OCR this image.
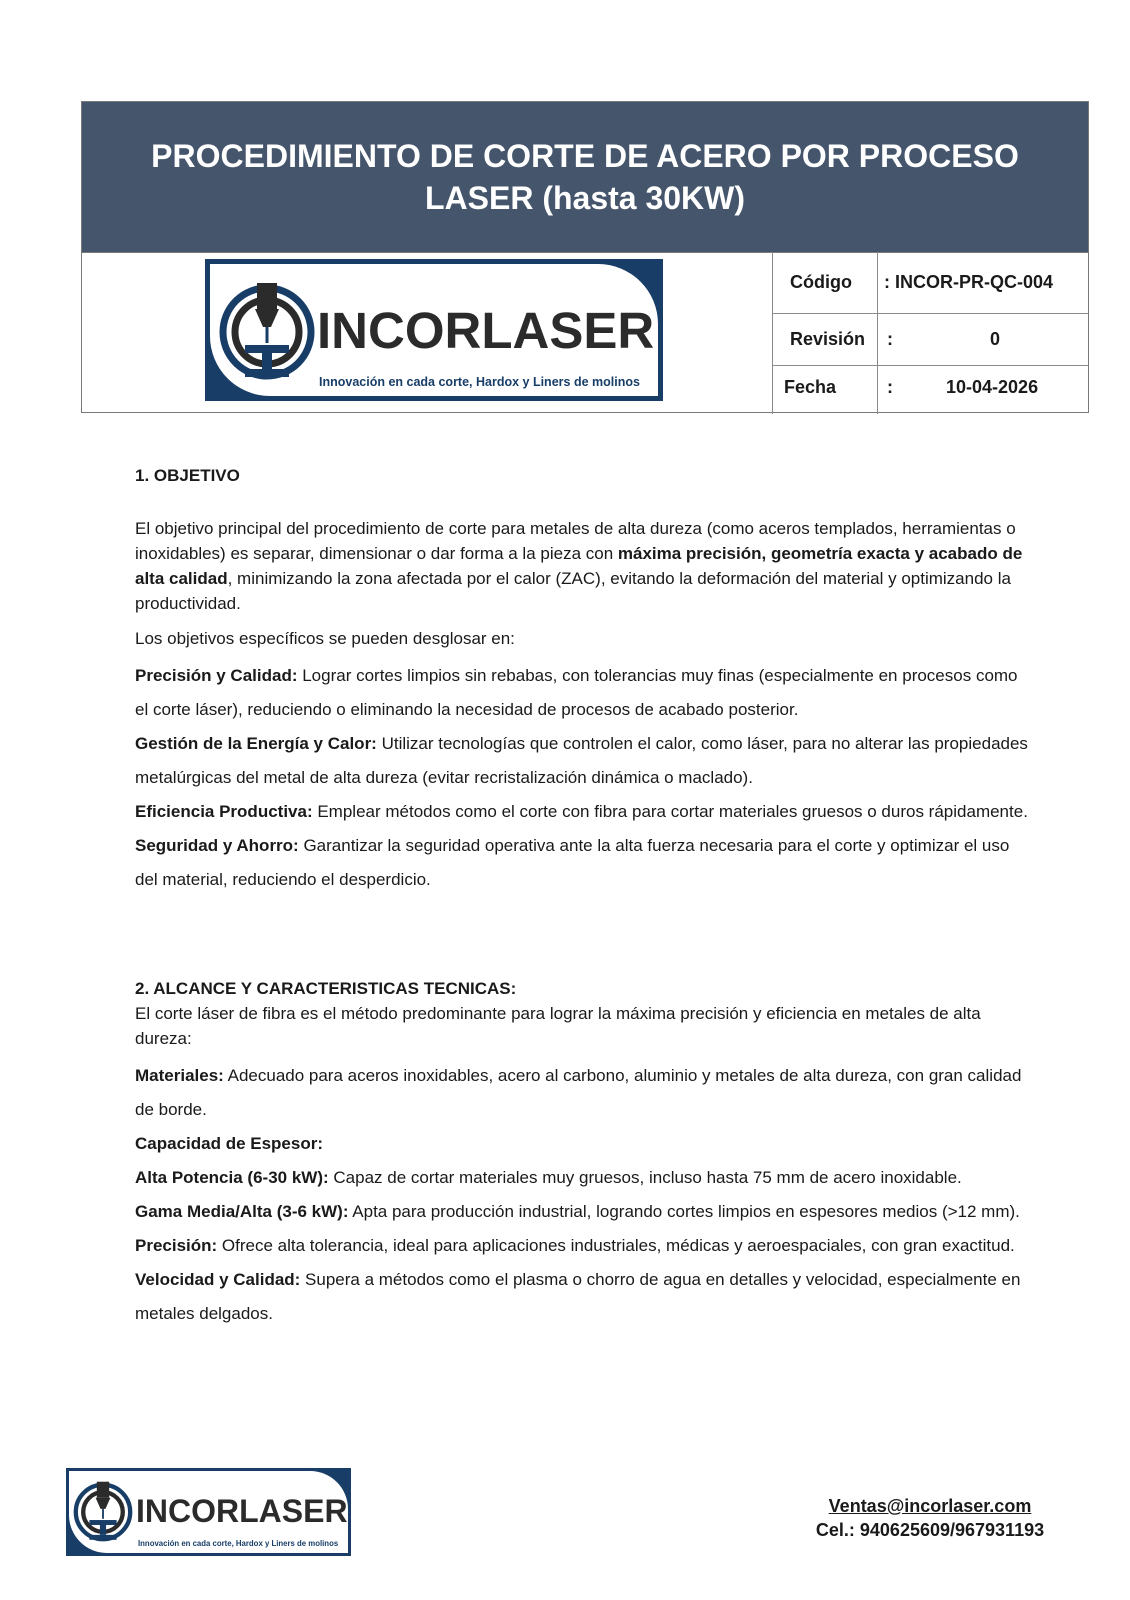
PROCEDIMIENTO DE CORTE DE ACERO POR PROCESO
LASER (hasta 30KW)
INCORLASER
Innovación en cada corte, Hardox y Liners de molinos
Código : INCOR-PR-QC-004
Revisión :	0
Fecha	:	10-04-2026

1. OBJETIVO

El objetivo principal del procedimiento de corte para metales de alta dureza (como aceros templados, herramientas o inoxidables) es separar, dimensionar o dar forma a la pieza con máxima precisión, geometría exacta y acabado de alta calidad, minimizando la zona afectada por el calor (ZAC), evitando la deformación del material y optimizando la productividad.

Los objetivos específicos se pueden desglosar en:

Precisión y Calidad: Lograr cortes limpios sin rebabas, con tolerancias muy finas (especialmente en procesos como el corte láser), reduciendo o eliminando la necesidad de procesos de acabado posterior.

Gestión de la Energía y Calor: Utilizar tecnologías que controlen el calor, como láser, para no alterar las propiedades metalúrgicas del metal de alta dureza (evitar recristalización dinámica o maclado).

Eficiencia Productiva: Emplear métodos como el corte con fibra para cortar materiales gruesos o duros rápidamente.

Seguridad y Ahorro: Garantizar la seguridad operativa ante la alta fuerza necesaria para el corte y optimizar el uso del material, reduciendo el desperdicio.

2. ALCANCE Y CARACTERISTICAS TECNICAS:

El corte láser de fibra es el método predominante para lograr la máxima precisión y eficiencia en metales de alta dureza:

Materiales: Adecuado para aceros inoxidables, acero al carbono, aluminio y metales de alta dureza, con gran calidad de borde.

Capacidad de Espesor:

Alta Potencia (6-30 kW): Capaz de cortar materiales muy gruesos, incluso hasta 75 mm de acero inoxidable.

Gama Media/Alta (3-6 kW): Apta para producción industrial, logrando cortes limpios en espesores medios (>12 mm).

Precisión: Ofrece alta tolerancia, ideal para aplicaciones industriales, médicas y aeroespaciales, con gran exactitud.

Velocidad y Calidad: Supera a métodos como el plasma o chorro de agua en detalles y velocidad, especialmente en metales delgados.

INCORLASER
Innovación en cada corte, Hardox y Liners de molinos
Ventas@incorlaser.com
Cel.: 940625609/967931193
